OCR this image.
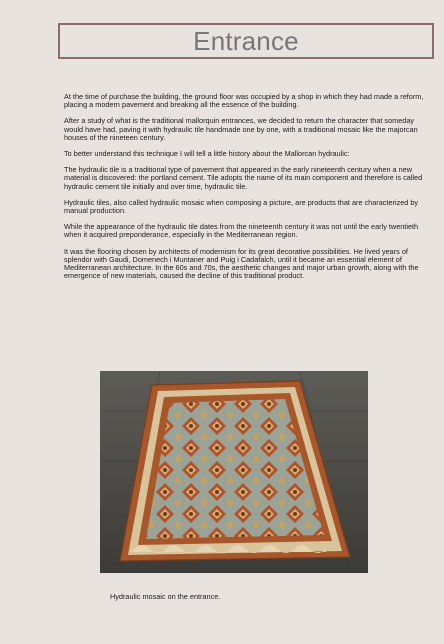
Entrance

At the time of purchase the building, the ground floor was occupied by a shop in which they had made a reform, placing a modern pavement and breaking all the essence of the building.

After a study of what is the traditional mallorquin entrances, we decided to return the character that someday would have had, paving it with hydraulic tile handmade one by one, with a traditional mosaic like the majorcan houses of the nineteen century.

To better understand this technique I will tell a little history about the Mallorcan hydraulic:

The hydraulic tile is a traditional type of pavement that appeared in the early nineteenth century when a new material is discovered: the portland cement. Tile adopts the name of its main component and therefore is called hydraulic cement tile initially and over time, hydraulic tile.

Hydraulic tiles, also called hydraulic mosaic when composing a picture, are products that are characterized by manual production.

While the appearance of the hydraulic tile dates from the nineteenth century it was not until the early twentieth when it acquired preponderance, especially in the Mediterranean region.

It was the flooring chosen by architects of modernism for its great decorative possibilities. He lived years of splendor with Gaudi, Domenech i Muntaner and Puig i Cadafalch, until it became an essential element of Mediterranean architecture. In the 60s and 70s, the aesthetic changes and major urban growth, along with the emergence of new materials, caused the decline of this traditional product.

Hydraulic mosaic on the entrance.
